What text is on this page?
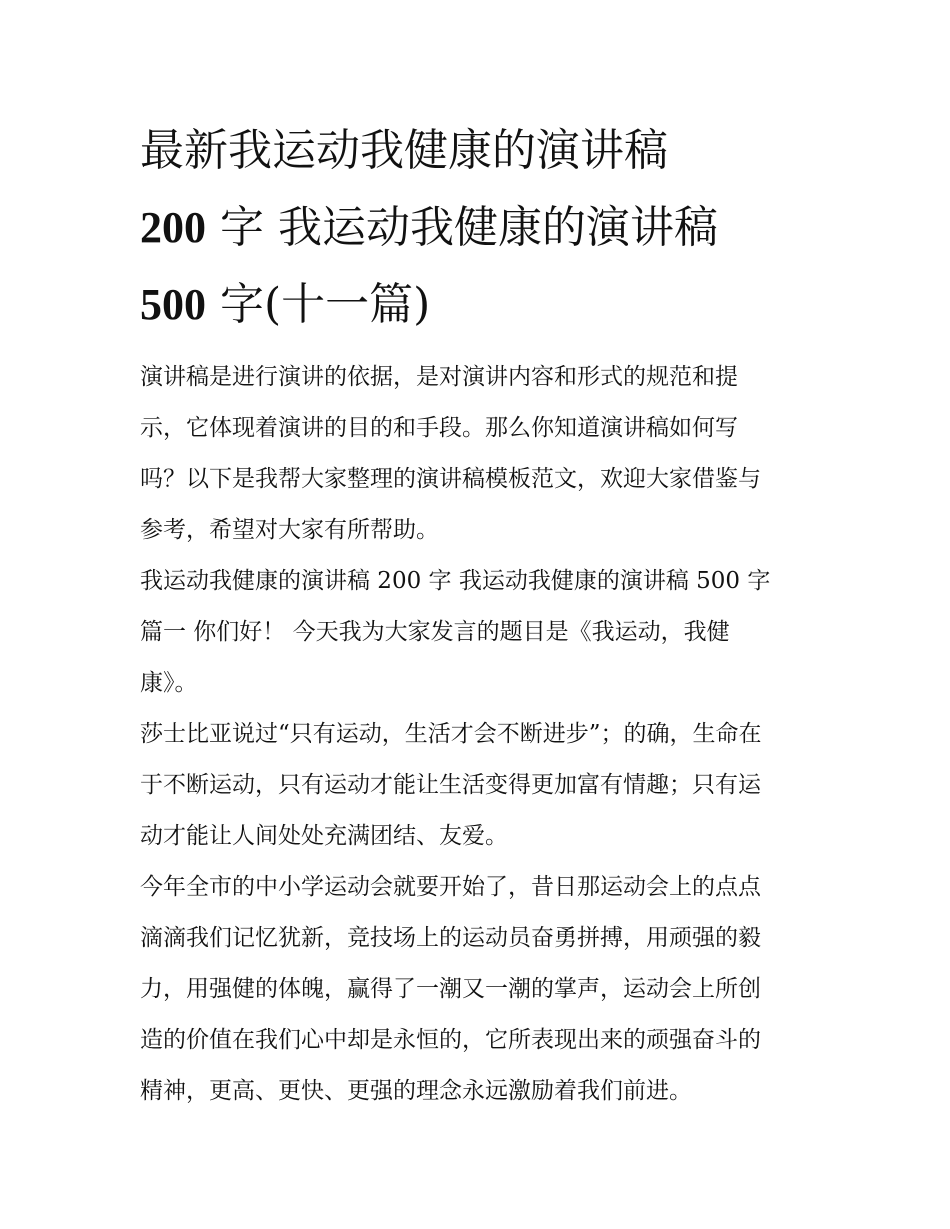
最新我运动我健康的演讲稿
200 字 我运动我健康的演讲稿
500 字(十一篇)

演讲稿是进行演讲的依据，是对演讲内容和形式的规范和提
示，它体现着演讲的目的和手段。那么你知道演讲稿如何写
吗？以下是我帮大家整理的演讲稿模板范文，欢迎大家借鉴与
参考，希望对大家有所帮助。

我运动我健康的演讲稿 200 字 我运动我健康的演讲稿 500 字
篇一 你们好！ 今天我为大家发言的题目是《我运动，我健
康》。

莎士比亚说过“只有运动，生活才会不断进步”；的确，生命在
于不断运动，只有运动才能让生活变得更加富有情趣；只有运
动才能让人间处处充满团结、友爱。

今年全市的中小学运动会就要开始了，昔日那运动会上的点点
滴滴我们记忆犹新，竞技场上的运动员奋勇拼搏，用顽强的毅
力，用强健的体魄，赢得了一潮又一潮的掌声，运动会上所创
造的价值在我们心中却是永恒的，它所表现出来的顽强奋斗的
精神，更高、更快、更强的理念永远激励着我们前进。
